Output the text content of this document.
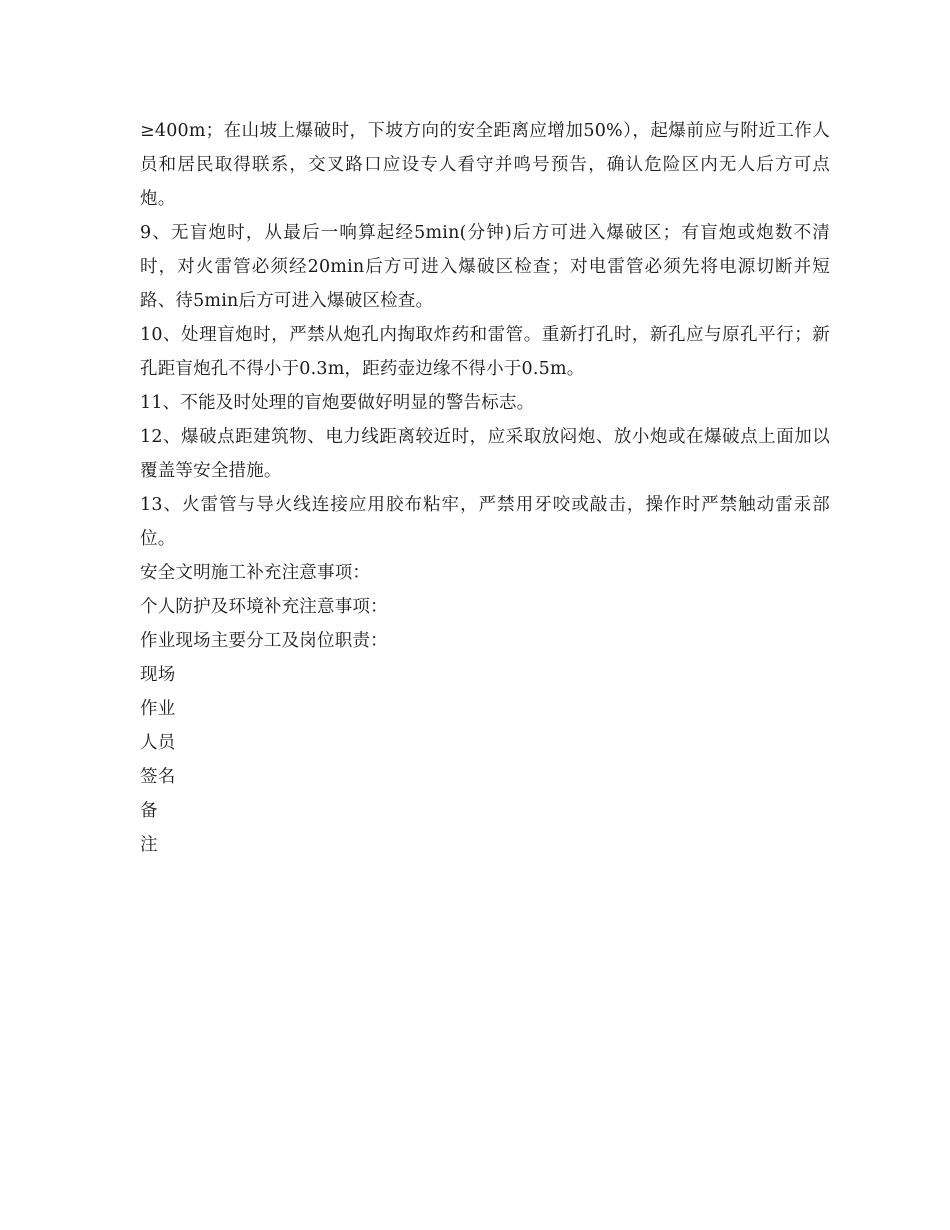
≥400m；在山坡上爆破时，下坡方向的安全距离应增加50%），起爆前应与附近工作人员和居民取得联系，交叉路口应设专人看守并鸣号预告，确认危险区内无人后方可点炮。

9、无盲炮时，从最后一响算起经5min(分钟)后方可进入爆破区；有盲炮或炮数不清时，对火雷管必须经20min后方可进入爆破区检查；对电雷管必须先将电源切断并短路、待5min后方可进入爆破区检查。

10、处理盲炮时，严禁从炮孔内掏取炸药和雷管。重新打孔时，新孔应与原孔平行；新孔距盲炮孔不得小于0.3m，距药壶边缘不得小于0.5m。

11、不能及时处理的盲炮要做好明显的警告标志。

12、爆破点距建筑物、电力线距离较近时，应采取放闷炮、放小炮或在爆破点上面加以覆盖等安全措施。

13、火雷管与导火线连接应用胶布粘牢，严禁用牙咬或敲击，操作时严禁触动雷汞部位。

安全文明施工补充注意事项：

个人防护及环境补充注意事项：

作业现场主要分工及岗位职责：

现场

作业

人员

签名

备

注
